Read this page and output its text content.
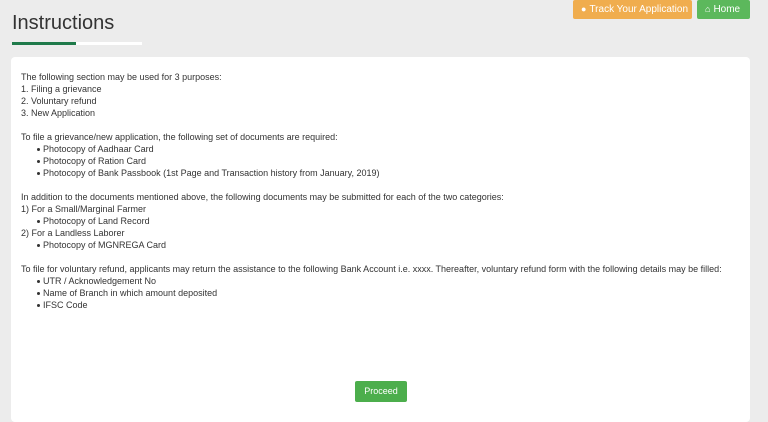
Instructions
● Track Your Application	⌂ Home

The following section may be used for 3 purposes:

1. Filing a grievance

2. Voluntary refund

3. New Application

To file a grievance/new application, the following set of documents are required:

Photocopy of Aadhaar Card

Photocopy of Ration Card

Photocopy of Bank Passbook (1st Page and Transaction history from January, 2019)

In addition to the documents mentioned above, the following documents may be submitted for each of the two categories:

1) For a Small/Marginal Farmer

Photocopy of Land Record

2) For a Landless Laborer

Photocopy of MGNREGA Card

To file for voluntary refund, applicants may return the assistance to the following Bank Account i.e. xxxx. Thereafter, voluntary refund form with the following details may be filled:

UTR / Acknowledgement No

Name of Branch in which amount deposited

IFSC Code

Proceed
